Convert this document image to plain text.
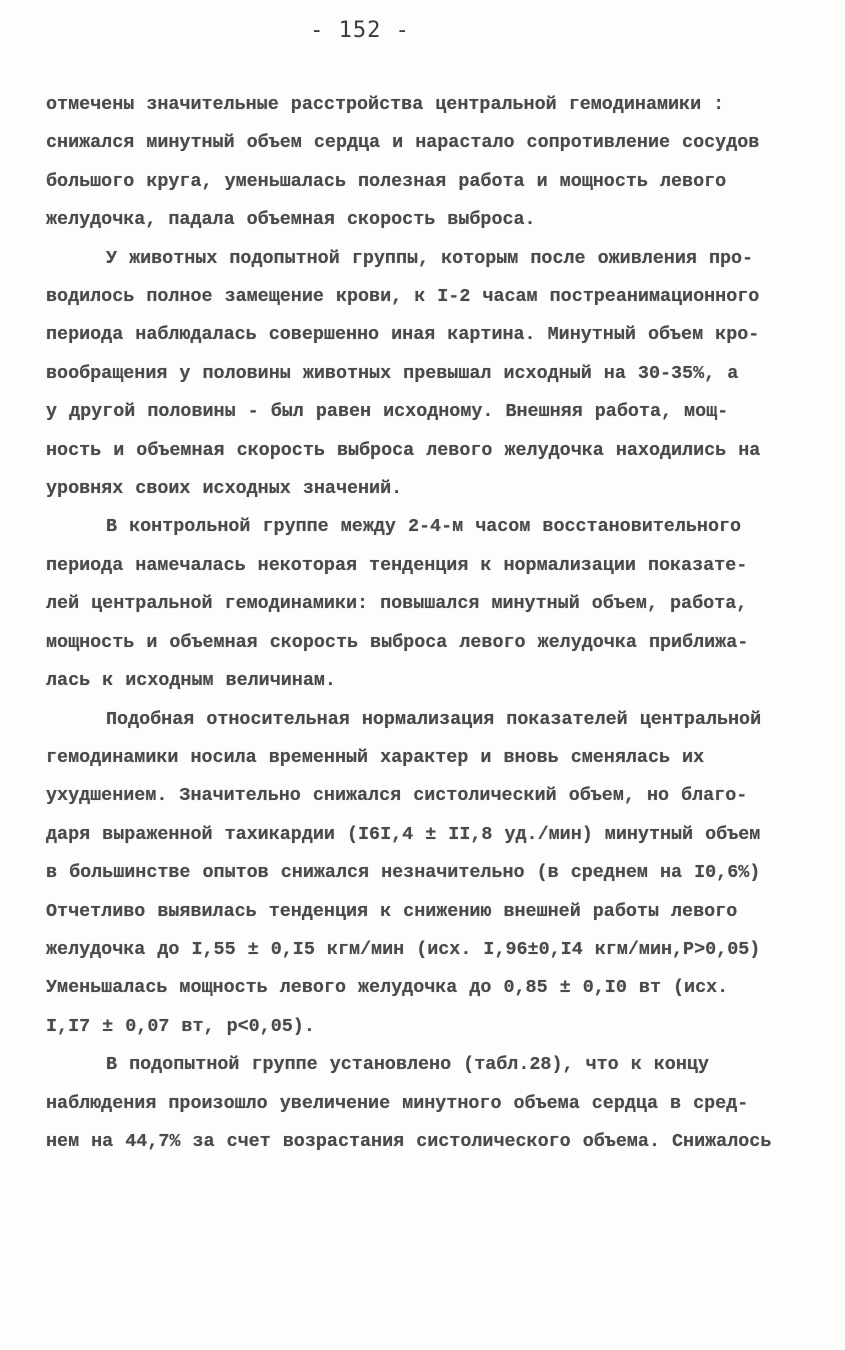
- 152 -
отмечены значительные расстройства центральной гемодинамики :
снижался минутный объем сердца и нарастало сопротивление сосудов
большого круга, уменьшалась полезная работа и мощность левого
желудочка, падала объемная скорость выброса.
У животных подопытной группы, которым после оживления про-
водилось полное замещение крови, к I-2 часам постреанимационного
периода наблюдалась совершенно иная картина. Минутный объем кро-
вообращения у половины животных превышал исходный на 30-35%, а
у другой половины - был равен исходному. Внешняя работа, мощ-
ность и объемная скорость выброса левого желудочка находились на
уровнях своих исходных значений.
В контрольной группе между 2-4-м часом восстановительного
периода намечалась некоторая тенденция к нормализации показате-
лей центральной гемодинамики: повышался минутный объем, работа,
мощность и объемная скорость выброса левого желудочка приближа-
лась к исходным величинам.
Подобная относительная нормализация показателей центральной
гемодинамики носила временный характер и вновь сменялась их
ухудшением. Значительно снижался систолический объем, но благо-
даря выраженной тахикардии (I6I,4 ± II,8 уд./мин) минутный объем
в большинстве опытов снижался незначительно (в среднем на I0,6%)
Отчетливо выявилась тенденция к снижению внешней работы левого
желудочка до I,55 ± 0,I5 кгм/мин (исх. I,96±0,I4 кгм/мин,P>0,05)
Уменьшалась мощность левого желудочка до 0,85 ± 0,I0 вт (исх.
I,I7 ± 0,07 вт, p<0,05).
В подопытной группе установлено (табл.28), что к концу
наблюдения произошло увеличение минутного объема сердца в сред-
нем на 44,7% за счет возрастания систолического объема. Снижалось
